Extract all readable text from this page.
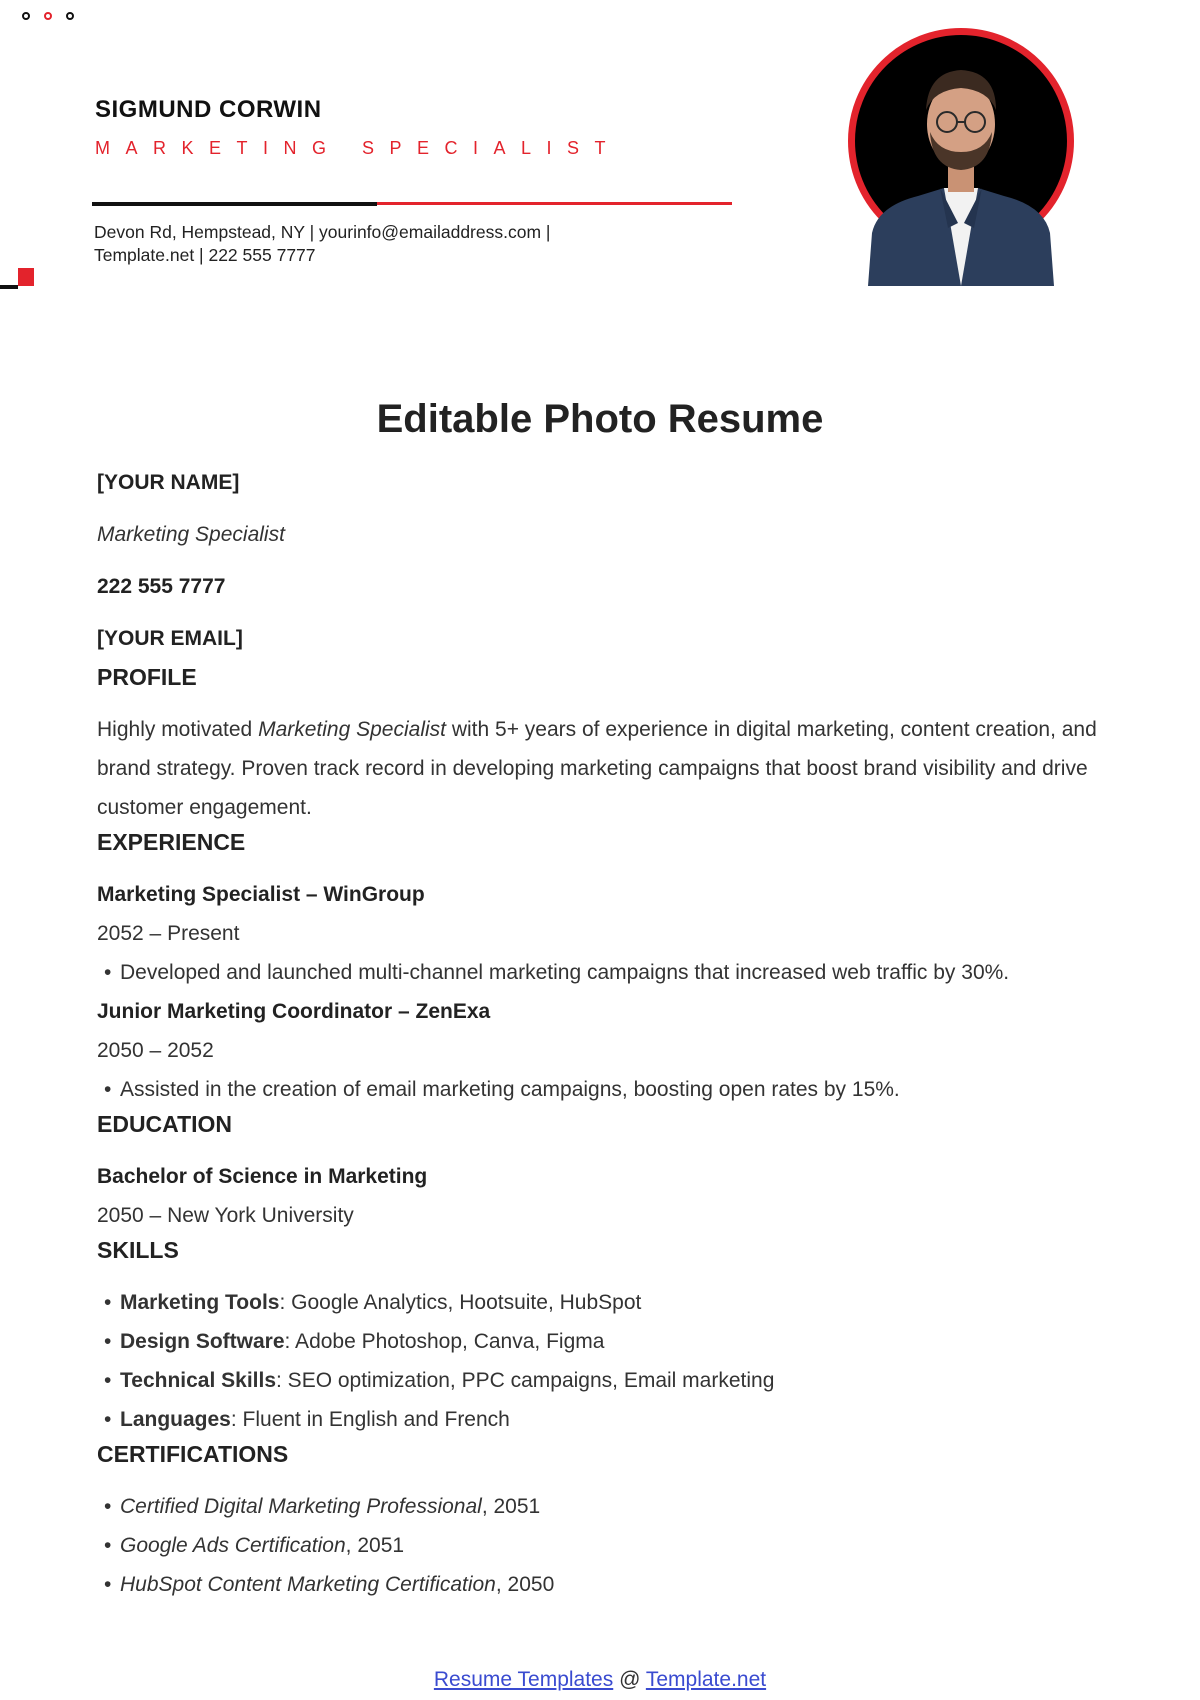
SIGMUND CORWIN
MARKETING SPECIALIST
Devon Rd, Hempstead, NY | yourinfo@emailaddress.com |
Template.net | 222 555 7777
Editable Photo Resume
[YOUR NAME]
Marketing Specialist
222 555 7777
[YOUR EMAIL]
PROFILE

Highly motivated Marketing Specialist with 5+ years of experience in digital marketing, content creation, and brand strategy. Proven track record in developing marketing campaigns that boost brand visibility and drive customer engagement.

EXPERIENCE
Marketing Specialist – WinGroup
2052 – Present
• Developed and launched multi-channel marketing campaigns that increased web traffic by 30%.
Junior Marketing Coordinator – ZenExa
2050 – 2052
• Assisted in the creation of email marketing campaigns, boosting open rates by 15%.
EDUCATION
Bachelor of Science in Marketing
2050 – New York University
SKILLS
• Marketing Tools: Google Analytics, Hootsuite, HubSpot
• Design Software: Adobe Photoshop, Canva, Figma
• Technical Skills: SEO optimization, PPC campaigns, Email marketing
• Languages: Fluent in English and French
CERTIFICATIONS
• Certified Digital Marketing Professional, 2051
• Google Ads Certification, 2051
• HubSpot Content Marketing Certification, 2050
Resume Templates @ Template.net
